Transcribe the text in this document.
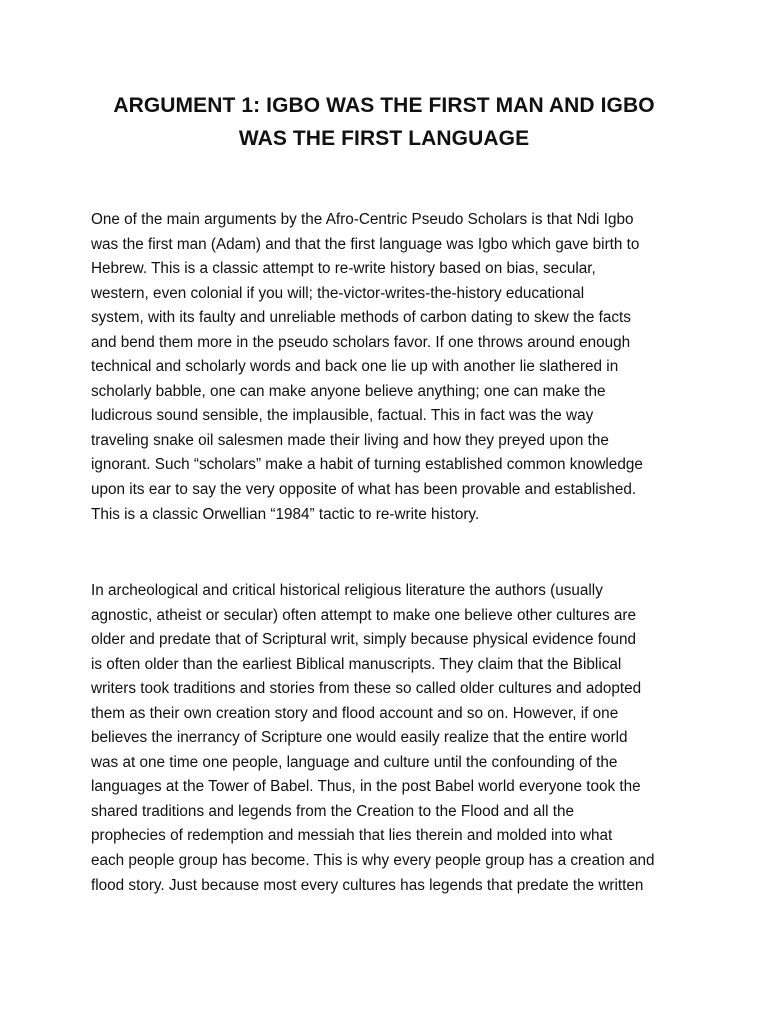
ARGUMENT 1: IGBO WAS THE FIRST MAN AND IGBO
WAS THE FIRST LANGUAGE

One of the main arguments by the Afro-Centric Pseudo Scholars is that Ndi Igbo
was the first man (Adam) and that the first language was Igbo which gave birth to
Hebrew. This is a classic attempt to re-write history based on bias, secular,
western, even colonial if you will; the-victor-writes-the-history educational
system, with its faulty and unreliable methods of carbon dating to skew the facts
and bend them more in the pseudo scholars favor. If one throws around enough
technical and scholarly words and back one lie up with another lie slathered in
scholarly babble, one can make anyone believe anything; one can make the
ludicrous sound sensible, the implausible, factual. This in fact was the way
traveling snake oil salesmen made their living and how they preyed upon the
ignorant. Such “scholars” make a habit of turning established common knowledge
upon its ear to say the very opposite of what has been provable and established.
This is a classic Orwellian “1984” tactic to re-write history.

In archeological and critical historical religious literature the authors (usually
agnostic, atheist or secular) often attempt to make one believe other cultures are
older and predate that of Scriptural writ, simply because physical evidence found
is often older than the earliest Biblical manuscripts. They claim that the Biblical
writers took traditions and stories from these so called older cultures and adopted
them as their own creation story and flood account and so on. However, if one
believes the inerrancy of Scripture one would easily realize that the entire world
was at one time one people, language and culture until the confounding of the
languages at the Tower of Babel. Thus, in the post Babel world everyone took the
shared traditions and legends from the Creation to the Flood and all the
prophecies of redemption and messiah that lies therein and molded into what
each people group has become. This is why every people group has a creation and
flood story. Just because most every cultures has legends that predate the written
